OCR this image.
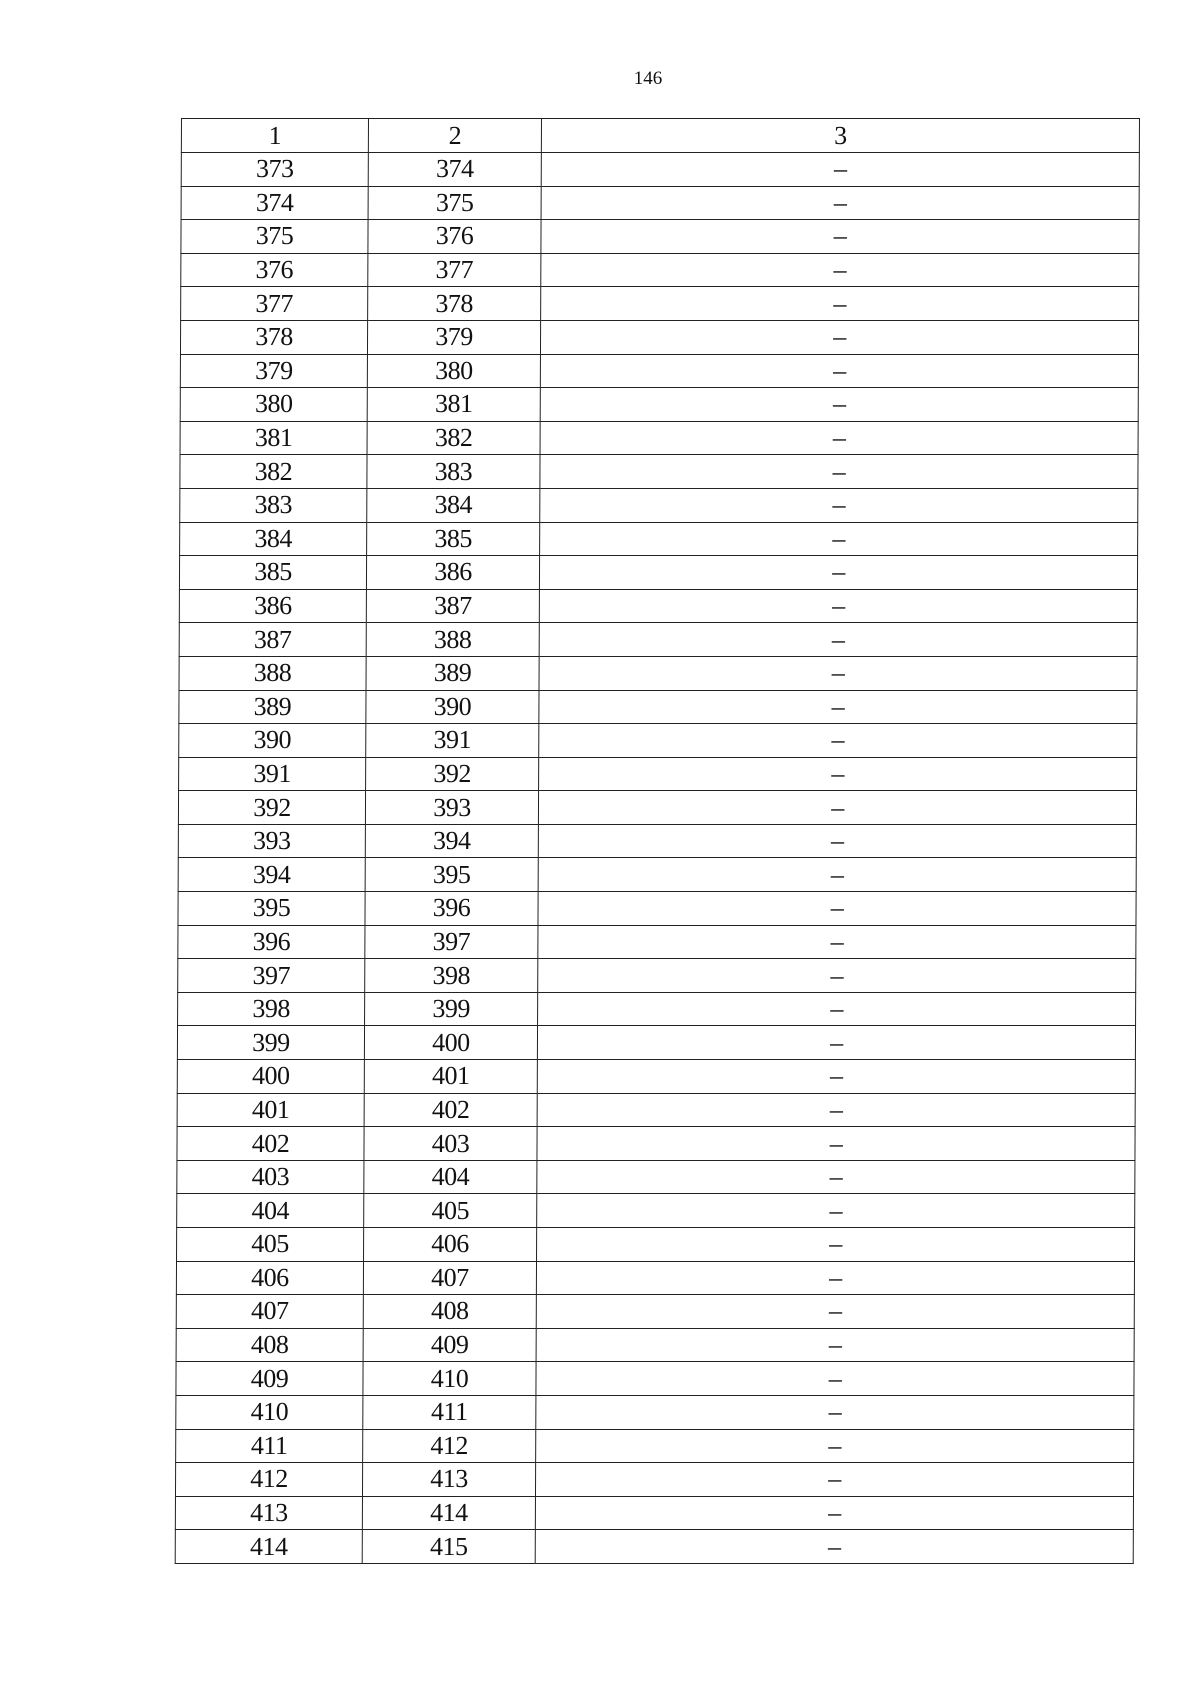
146
1	2	3
373	374	–
374	375	–
375	376	–
376	377	–
377	378	–
378	379	–
379	380	–
380	381	–
381	382	–
382	383	–
383	384	–
384	385	–
385	386	–
386	387	–
387	388	–
388	389	–
389	390	–
390	391	–
391	392	–
392	393	–
393	394	–
394	395	–
395	396	–
396	397	–
397	398	–
398	399	–
399	400	–
400	401	–
401	402	–
402	403	–
403	404	–
404	405	–
405	406	–
406	407	–
407	408	–
408	409	–
409	410	–
410	411	–
411	412	–
412	413	–
413	414	–
414	415	–
